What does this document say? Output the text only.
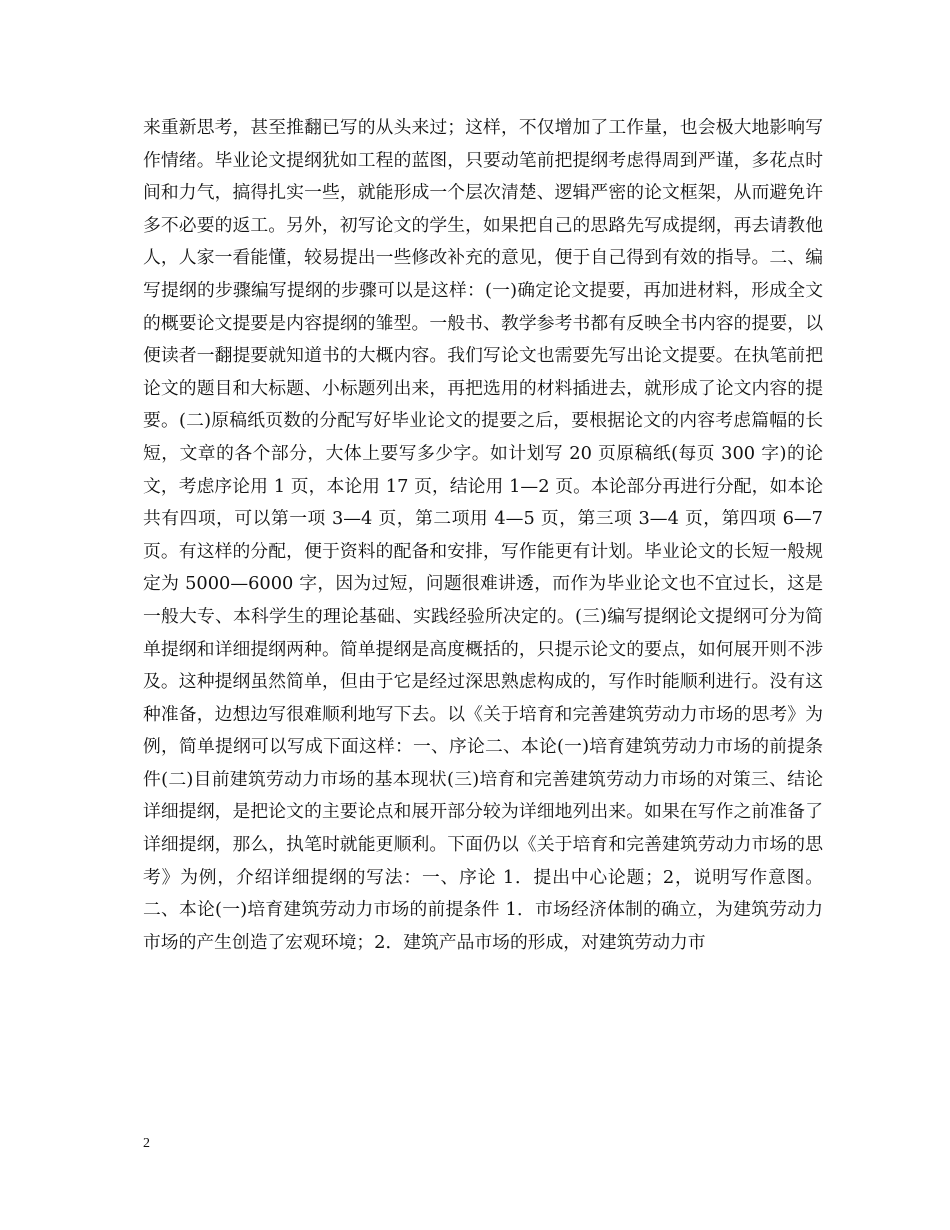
来重新思考，甚至推翻已写的从头来过；这样，不仅增加了工作量，也会极大地影响写作情绪。毕业论文提纲犹如工程的蓝图，只要动笔前把提纲考虑得周到严谨，多花点时间和力气，搞得扎实一些，就能形成一个层次清楚、逻辑严密的论文框架，从而避免许多不必要的返工。另外，初写论文的学生，如果把自己的思路先写成提纲，再去请教他人，人家一看能懂，较易提出一些修改补充的意见，便于自己得到有效的指导。二、编写提纲的步骤编写提纲的步骤可以是这样：(一)确定论文提要，再加进材料，形成全文的概要论文提要是内容提纲的雏型。一般书、教学参考书都有反映全书内容的提要，以便读者一翻提要就知道书的大概内容。我们写论文也需要先写出论文提要。在执笔前把论文的题目和大标题、小标题列出来，再把选用的材料插进去，就形成了论文内容的提要。(二)原稿纸页数的分配写好毕业论文的提要之后，要根据论文的内容考虑篇幅的长短，文章的各个部分，大体上要写多少字。如计划写 20 页原稿纸(每页 300 字)的论文，考虑序论用 1 页，本论用 17 页，结论用 1—2 页。本论部分再进行分配，如本论共有四项，可以第一项 3—4 页，第二项用 4—5 页，第三项 3—4 页，第四项 6—7 页。有这样的分配，便于资料的配备和安排，写作能更有计划。毕业论文的长短一般规定为 5000—6000 字，因为过短，问题很难讲透，而作为毕业论文也不宜过长，这是一般大专、本科学生的理论基础、实践经验所决定的。(三)编写提纲论文提纲可分为简单提纲和详细提纲两种。简单提纲是高度概括的，只提示论文的要点，如何展开则不涉及。这种提纲虽然简单，但由于它是经过深思熟虑构成的，写作时能顺利进行。没有这种准备，边想边写很难顺利地写下去。以《关于培育和完善建筑劳动力市场的思考》为例，简单提纲可以写成下面这样：一、序论二、本论(一)培育建筑劳动力市场的前提条件(二)目前建筑劳动力市场的基本现状(三)培育和完善建筑劳动力市场的对策三、结论详细提纲，是把论文的主要论点和展开部分较为详细地列出来。如果在写作之前准备了详细提纲，那么，执笔时就能更顺利。下面仍以《关于培育和完善建筑劳动力市场的思考》为例，介绍详细提纲的写法：一、序论 1．提出中心论题；2，说明写作意图。二、本论(一)培育建筑劳动力市场的前提条件 1．市场经济体制的确立，为建筑劳动力市场的产生创造了宏观环境；2．建筑产品市场的形成，对建筑劳动力市

2
